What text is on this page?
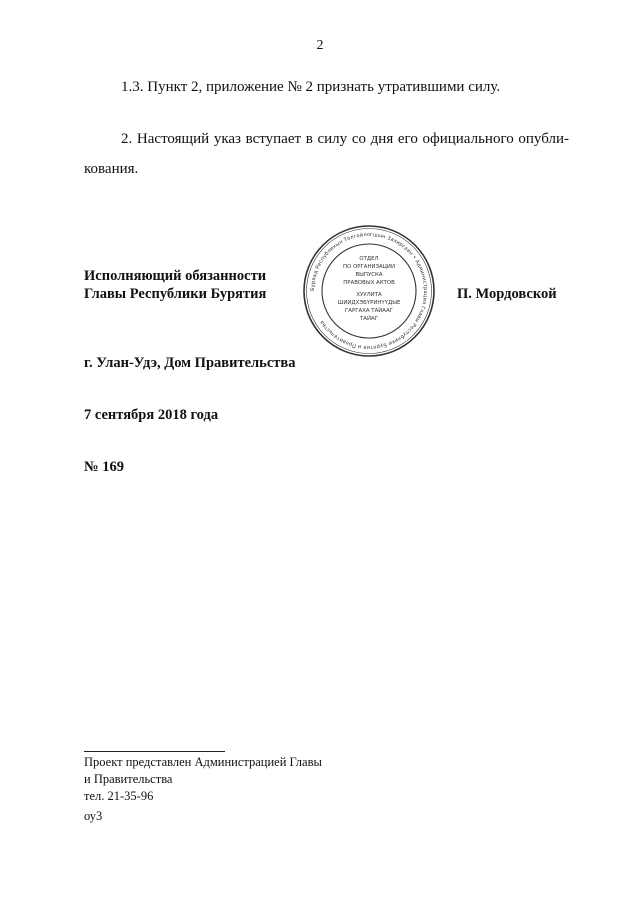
2
1.3. Пункт 2, приложение № 2 признать утратившими силу.
2. Настоящий указ вступает в силу со дня его официального опубли-кования.
Исполняющий обязанности
Главы Республики Бурятия	Буряад Республикын Толгойлогшын Захиргаан • Администрация Главы Республики Бурятия и Правительства
ОТДЕЛ
ПО ОРГАНИЗАЦИИ
ВЫПУСКА
ПРАВОВЫХ АКТОВ
ХУУЛИТА
ШИИДХЭБҮРИНҮҮДЫЕ
ГАРГАХА ТАЙААГ
ТАЙАГ
П. Мордовской
г. Улан-Удэ, Дом Правительства
7 сентября 2018 года
№ 169
Проект представлен Администрацией Главы
и Правительства
тел. 21-35-96
оу3
